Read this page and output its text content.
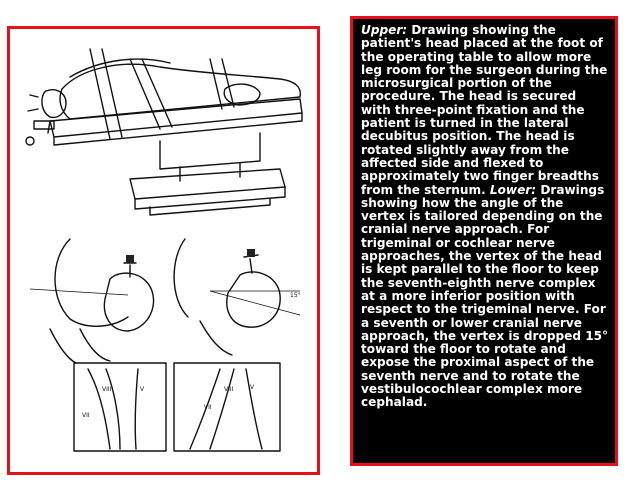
15°
VII
VIII	V
VII
VIII	V

Upper: Drawing showing the patient's head placed at the foot of the operating table to allow more leg room for the surgeon during the microsurgical portion of the procedure. The head is secured with three-point fixation and the patient is turned in the lateral decubitus position. The head is rotated slightly away from the affected side and flexed to approximately two finger breadths from the sternum. Lower: Drawings showing how the angle of the vertex is tailored depending on the cranial nerve approach. For trigeminal or cochlear nerve approaches, the vertex of the head is kept parallel to the floor to keep the seventh-eighth nerve complex at a more inferior position with respect to the trigeminal nerve. For a seventh or lower cranial nerve approach, the vertex is dropped 15° toward the floor to rotate and expose the proximal aspect of the seventh nerve and to rotate the vestibulocochlear complex more cephalad.
